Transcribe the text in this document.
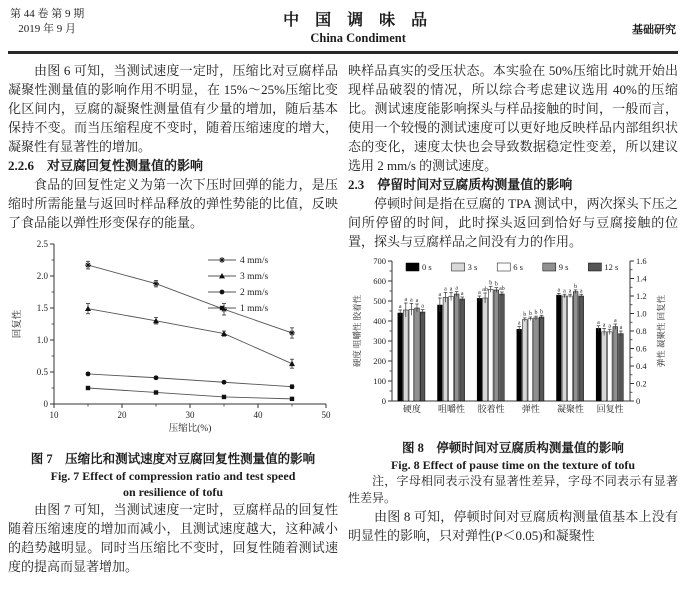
第 44 卷 第 9 期
2019 年 9 月	中 国 调 味 品
China Condiment
基础研究

由图 6 可知，当测试速度一定时，压缩比对豆腐样品凝聚性测量值的影响作用不明显，在 15%～25%压缩比变化区间内，豆腐的凝聚性测量值有少量的增加，随后基本保持不变。而当压缩程度不变时，随着压缩速度的增大，凝聚性有显著性的增加。

2.2.6　对豆腐回复性测量值的影响

食品的回复性定义为第一次下压时回弹的能力，是压缩时所需能量与返回时样品释放的弹性势能的比值，反映了食品能以弹性形变保存的能量。

0
0.5
1.0
1.5
2.0
2.5
10	20	30	40	50
压缩比(%)
回复性
4 mm/s
3 mm/s
2 mm/s
1 mm/s

图 7　压缩比和测试速度对豆腐回复性测量值的影响

Fig. 7 Effect of compression ratio and test speed

on resilience of tofu

由图 7 可知，当测试速度一定时，豆腐样品的回复性随着压缩速度的增加而减小，且测试速度越大，这种减小的趋势越明显。同时当压缩比不变时，回复性随着测试速度的提高而显著增加。

映样品真实的受压状态。本实验在 50%压缩比时就开始出现样品破裂的情况，所以综合考虑建议选用 40%的压缩比。测试速度能影响探头与样品接触的时间，一般而言，使用一个较慢的测试速度可以更好地反映样品内部组织状态的变化，速度太快也会导致数据稳定性变差，所以建议选用 2 mm/s 的测试速度。

2.3　停留时间对豆腐质构测量值的影响

停顿时间是指在豆腐的 TPA 测试中，两次探头下压之间所停留的时间，此时探头返回到恰好与豆腐接触的位置，探头与豆腐样品之间没有力的作用。

0
100
200
300
400
500
600
700
0
0.2
0.4
0.6
0.8
1.0
1.2
1.4
1.6
硬度 咀嚼性 胶着性	弹性 凝聚性 回复性
a
a a a
a
硬度
a
a a a
a
咀嚼性
a ab
b b
ab
胶着性
a
b b b b
弹性
a a a
b
a
凝聚性
a a a
a
a
回复性
0 s	3 s	6 s	9 s	12 s

图 8　停顿时间对豆腐质构测量值的影响

Fig. 8 Effect of pause time on the texture of tofu

注，字母相同表示没有显著性差异，字母不同表示有显著性差异。

由图 8 可知，停顿时间对豆腐质构测量值基本上没有明显性的影响，只对弹性(P＜0.05)和凝聚性
